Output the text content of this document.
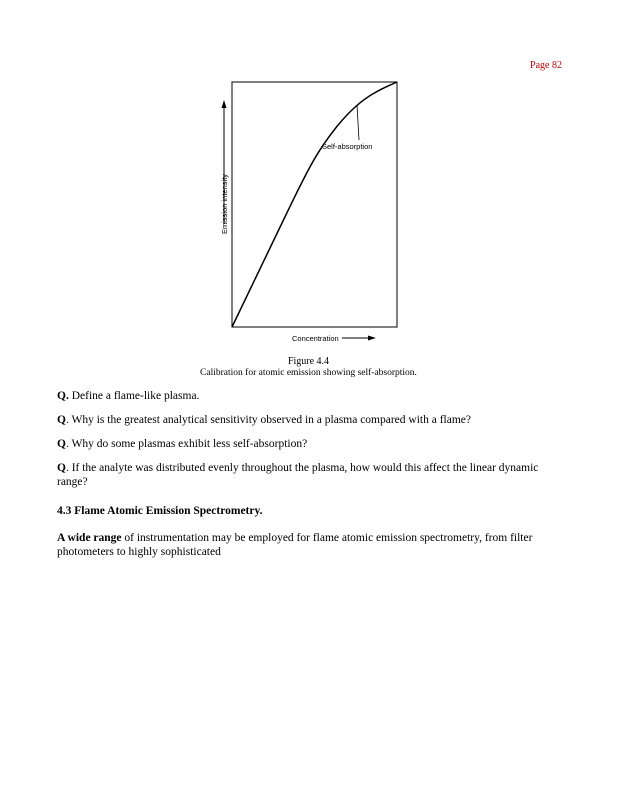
Page 82
Concentration
Emission intensity
Self-absorption
Figure 4.4
Calibration for atomic emission showing self-absorption.
Q. Define a flame-like plasma.
Q. Why is the greatest analytical sensitivity observed in a plasma compared with a flame?
Q. Why do some plasmas exhibit less self-absorption?
Q. If the analyte was distributed evenly throughout the plasma, how would this affect the linear dynamic range?
4.3 Flame Atomic Emission Spectrometry.
A wide range of instrumentation may be employed for flame atomic emission spectrometry, from filter photometers to highly sophisticated
